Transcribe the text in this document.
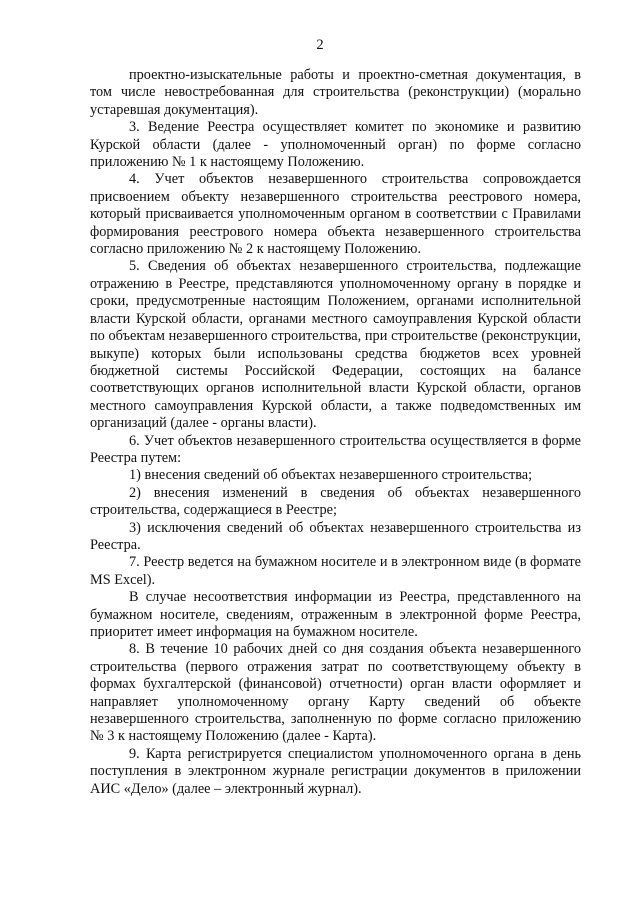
2

проектно-изыскательные работы и проектно-сметная документация, в том числе невостребованная для строительства (реконструкции) (морально устаревшая документация).

3. Ведение Реестра осуществляет комитет по экономике и развитию Курской области (далее - уполномоченный орган) по форме согласно приложению № 1 к настоящему Положению.

4. Учет объектов незавершенного строительства сопровождается присвоением объекту незавершенного строительства реестрового номера, который присваивается уполномоченным органом в соответствии с Правилами формирования реестрового номера объекта незавершенного строительства согласно приложению № 2 к настоящему Положению.

5. Сведения об объектах незавершенного строительства, подлежащие отражению в Реестре, представляются уполномоченному органу в порядке и сроки, предусмотренные настоящим Положением, органами исполнительной власти Курской области, органами местного самоуправления Курской области по объектам незавершенного строительства, при строительстве (реконструкции, выкупе) которых были использованы средства бюджетов всех уровней бюджетной системы Российской Федерации, состоящих на балансе соответствующих органов исполнительной власти Курской области, органов местного самоуправления Курской области, а также подведомственных им организаций (далее - органы власти).

6. Учет объектов незавершенного строительства осуществляется в форме Реестра путем:

1) внесения сведений об объектах незавершенного строительства;

2) внесения изменений в сведения об объектах незавершенного строительства, содержащиеся в Реестре;

3) исключения сведений об объектах незавершенного строительства из Реестра.

7. Реестр ведется на бумажном носителе и в электронном виде (в формате MS Excel).

В случае несоответствия информации из Реестра, представленного на бумажном носителе, сведениям, отраженным в электронной форме Реестра, приоритет имеет информация на бумажном носителе.

8. В течение 10 рабочих дней со дня создания объекта незавершенного строительства (первого отражения затрат по соответствующему объекту в формах бухгалтерской (финансовой) отчетности) орган власти оформляет и направляет уполномоченному органу Карту сведений об объекте незавершенного строительства, заполненную по форме согласно приложению № 3 к настоящему Положению (далее - Карта).

9. Карта регистрируется специалистом уполномоченного органа в день поступления в электронном журнале регистрации документов в приложении АИС «Дело» (далее – электронный журнал).
